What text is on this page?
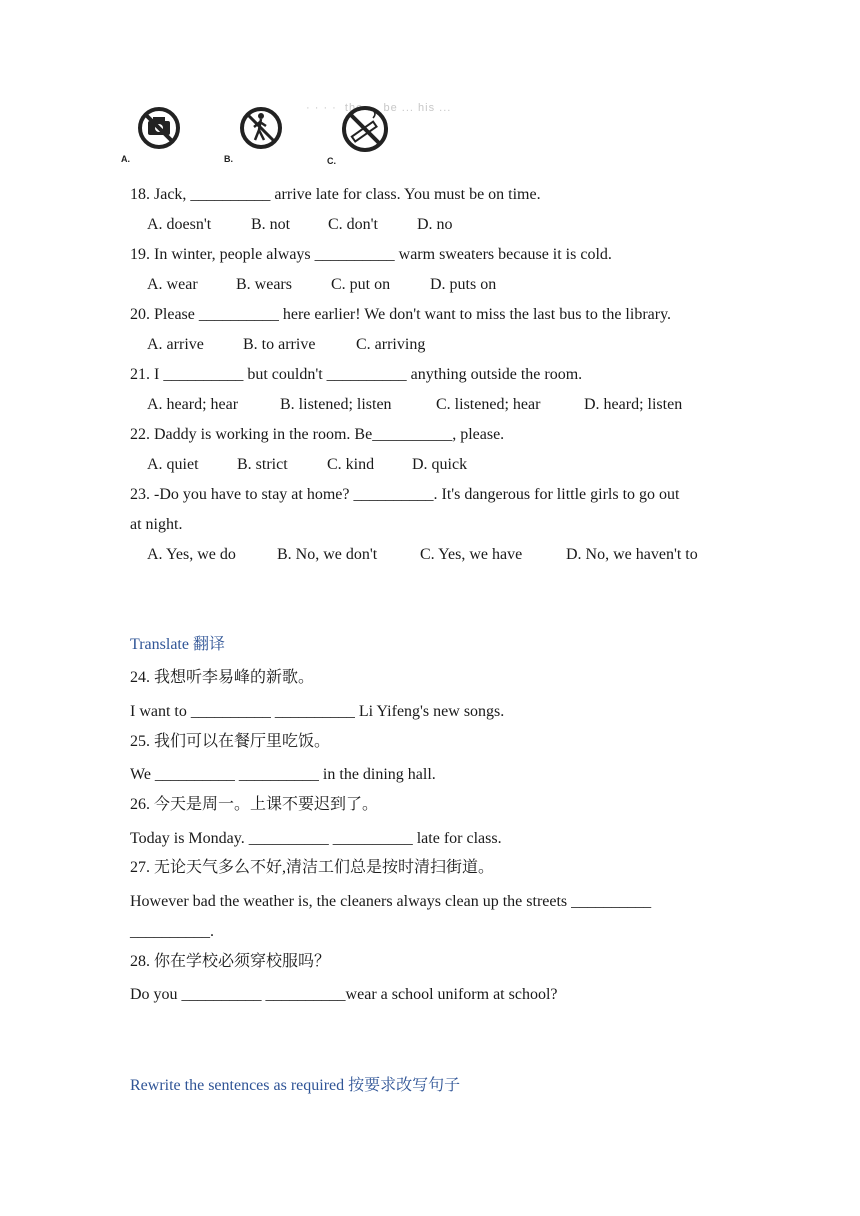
· · · ·  the ... be ... his ...
A.	B.	C.
18. Jack, __________ arrive late for class. You must be on time.
A. doesn't B. not C. don't D. no
19. In winter, people always __________ warm sweaters because it is cold.
A. wear B. wears C. put on D. puts on
20. Please __________ here earlier! We don't want to miss the last bus to the library.
A. arrive B. to arrive	C. arriving
21. I __________ but couldn't __________ anything outside the room.
A. heard; hear	B. listened; listen	C. listened; hear	D. heard; listen
22. Daddy is working in the room. Be__________, please.
A. quiet B. strict C. kind D. quick
23. -Do you have to stay at home? __________. It's dangerous for little girls to go out
at night.
A. Yes, we do	B. No, we don't	C. Yes, we have	D. No, we haven't to
Translate 翻译
24. 我想听李易峰的新歌。
I want to __________ __________ Li Yifeng's new songs.
25. 我们可以在餐厅里吃饭。
We __________ __________ in the dining hall.
26. 今天是周一。上课不要迟到了。
Today is Monday. __________ __________ late for class.
27. 无论天气多么不好,清洁工们总是按时清扫街道。
However bad the weather is, the cleaners always clean up the streets __________
__________.
28. 你在学校必须穿校服吗？
Do you __________ __________wear a school uniform at school?
Rewrite the sentences as required 按要求改写句子
